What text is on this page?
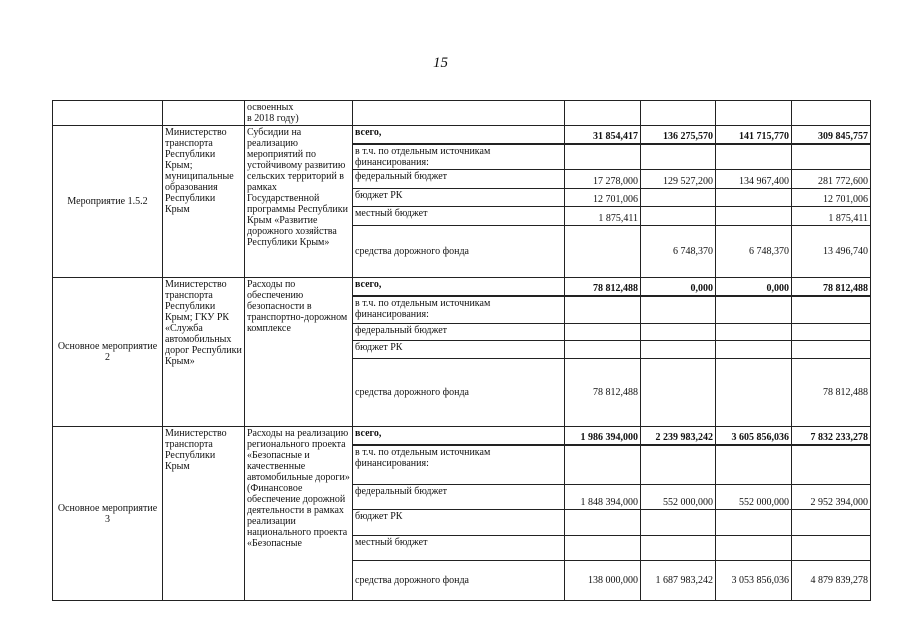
15
		освоенных
в 2018 году)					
Мероприятие 1.5.2	Министерство транспорта Республики Крым; муниципальные образования Республики Крым	Субсидии на реализацию мероприятий по устойчивому развитию сельских территорий в рамках Государственной программы Республики Крым «Развитие дорожного хозяйства Республики Крым»	всего,	31 854,417	136 275,570	141 715,770	309 845,757
			в т.ч. по отдельным источникам финансирования:				
			федеральный бюджет	17 278,000	129 527,200	134 967,400	281 772,600
			бюджет РК	12 701,006			12 701,006
			местный бюджет	1 875,411			1 875,411
			средства дорожного фонда		6 748,370	6 748,370	13 496,740
Основное мероприятие 2	Министерство транспорта Республики Крым; ГКУ РК «Служба автомобильных дорог Республики Крым»	Расходы по обеспечению безопасности в транспортно-дорожном комплексе	всего,	78 812,488	0,000	0,000	78 812,488
			в т.ч. по отдельным источникам финансирования:				
			федеральный бюджет				
			бюджет РК				
			средства дорожного фонда	78 812,488			78 812,488
Основное мероприятие 3	Министерство транспорта Республики Крым	Расходы на реализацию регионального проекта «Безопасные и качественные автомобильные дороги» (Финансовое обеспечение дорожной деятельности в рамках реализации национального проекта «Безопасные	всего,	1 986 394,000	2 239 983,242	3 605 856,036	7 832 233,278
			в т.ч. по отдельным источникам финансирования:				
			федеральный бюджет	1 848 394,000	552 000,000	552 000,000	2 952 394,000
			бюджет РК				
			местный бюджет				
			средства дорожного фонда	138 000,000	1 687 983,242	3 053 856,036	4 879 839,278
